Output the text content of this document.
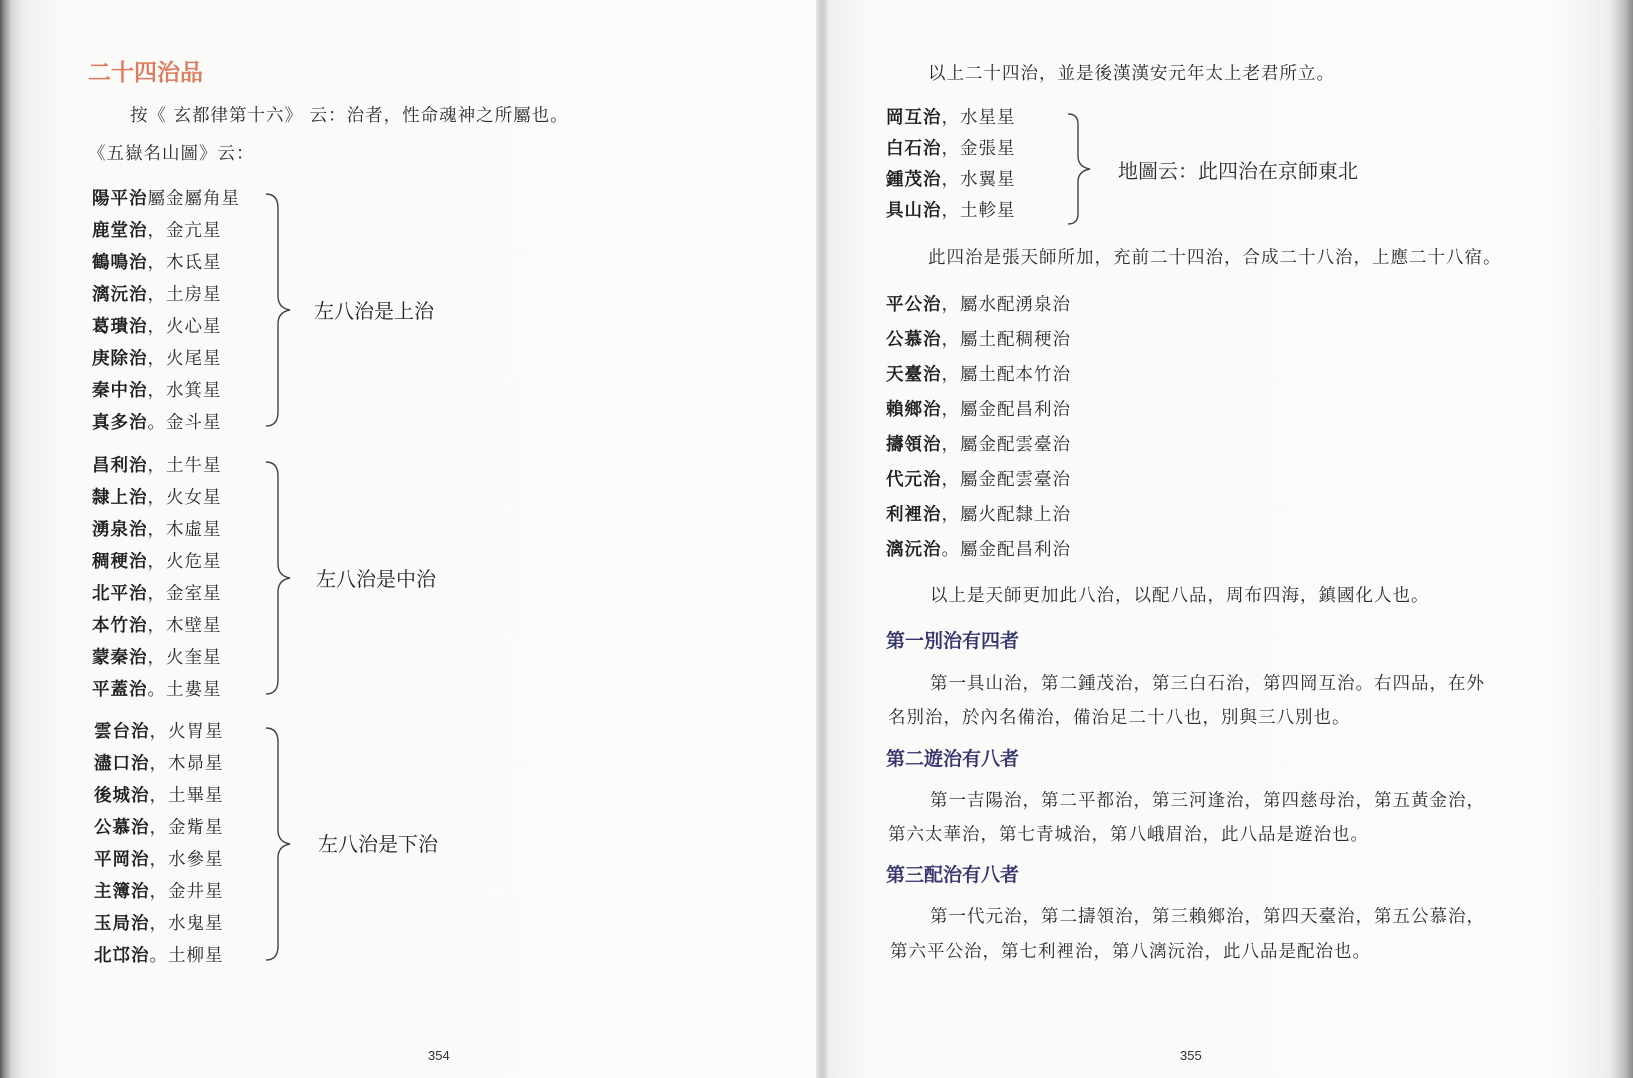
二十四治品
按《 玄都律第十六》 云：治者，性命魂神之所屬也。
《五嶽名山圖》云：
陽平治屬金屬角星
鹿堂治，金亢星
鶴鳴治，木氐星
漓沅治，土房星
葛璝治，火心星
庚除治，火尾星
秦中治，水箕星
真多治。金斗星
左八治是上治
昌利治，土牛星
隸上治，火女星
湧泉治，木虛星
稠稉治，火危星
北平治，金室星
本竹治，木壁星
蒙秦治，火奎星
平蓋治。土婁星
左八治是中治
雲台治，火胃星
濜口治，木昴星
後城治，土畢星
公慕治，金觜星
平岡治，水參星
主簿治，金井星
玉局治，水鬼星
北邙治。土柳星
左八治是下治
354
以上二十四治，並是後漢漢安元年太上老君所立。
岡互治，水星星
白石治，金張星
鍾茂治，水翼星
具山治，土軫星
地圖云：此四治在京師東北
此四治是張天師所加，充前二十四治，合成二十八治，上應二十八宿。
平公治，屬水配湧泉治
公慕治，屬土配稠稉治
天臺治，屬土配本竹治
賴鄉治，屬金配昌利治
擣領治，屬金配雲臺治
代元治，屬金配雲臺治
利裡治，屬火配隸上治
漓沅治。屬金配昌利治
以上是天師更加此八治，以配八品，周布四海，鎮國化人也。
第一別治有四者
第一具山治，第二鍾茂治，第三白石治，第四岡互治。右四品，在外
名別治，於內名備治，備治足二十八也，別與三八別也。
第二遊治有八者
第一吉陽治，第二平都治，第三河逢治，第四慈母治，第五黃金治，
第六太華治，第七青城治，第八峨眉治，此八品是遊治也。
第三配治有八者
第一代元治，第二擣領治，第三賴鄉治，第四天臺治，第五公慕治，
第六平公治，第七利裡治，第八漓沅治，此八品是配治也。
355
